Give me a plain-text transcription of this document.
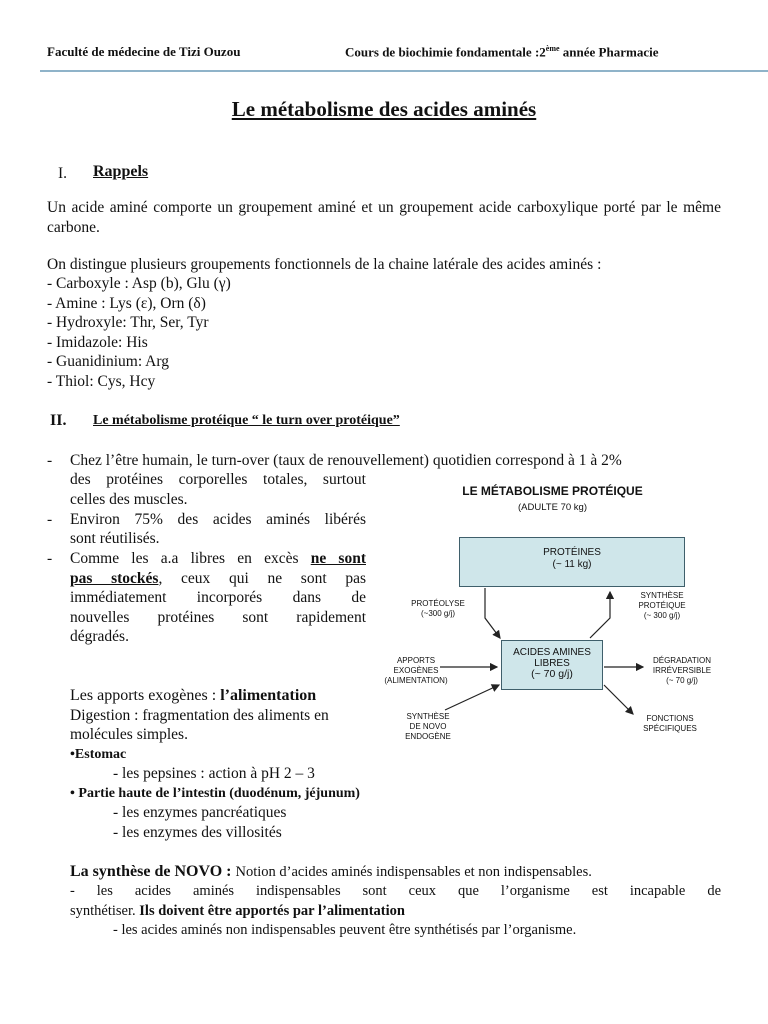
Faculté de médecine de Tizi Ouzou	Cours de biochimie fondamentale :2ème année Pharmacie
Le métabolisme des acides aminés
I. Rappels
Un acide aminé comporte un groupement aminé et un groupement acide carboxylique porté par le même carbone.
On distingue plusieurs groupements fonctionnels de la chaine latérale des acides aminés :
- Carboxyle : Asp (b), Glu (γ)
- Amine : Lys (ε), Orn (δ)
- Hydroxyle: Thr, Ser, Tyr
- Imidazole: His
- Guanidinium: Arg
- Thiol: Cys, Hcy
II. Le métabolisme protéique “ le turn over protéique”
- Chez l’être humain, le turn-over (taux de renouvellement) quotidien correspond à 1 à 2%
des protéines corporelles totales, surtout
celles des muscles.
- Environ 75% des acides aminés libérés
sont réutilisés.
- Comme les a.a libres en excès ne sont
pas stockés, ceux qui ne sont pas
immédiatement incorporés dans de
nouvelles protéines sont rapidement
dégradés.
Les apports exogènes : l’alimentation
Digestion : fragmentation des aliments en
molécules simples.
•Estomac
- les pepsines : action à pH 2 – 3
• Partie haute de l’intestin (duodénum, jéjunum)
- les enzymes pancréatiques
- les enzymes des villosités
La synthèse de NOVO : Notion d’acides aminés indispensables et non indispensables.
- les acides aminés indispensables sont ceux que l’organisme est incapable de
synthétiser. Ils doivent être apportés par l’alimentation
- les acides aminés non indispensables peuvent être synthétisés par l’organisme.
LE MÉTABOLISME PROTÉIQUE
(ADULTE 70 kg)
PROTÉINES
(~ 11 kg)
ACIDES AMINES
LIBRES
(~ 70 g/j)
PROTÉOLYSE
(~300 g/j)
SYNTHÈSE
PROTÉIQUE
(~ 300 g/j)
APPORTS
EXOGÈNES
(ALIMENTATION)
DÉGRADATION
IRRÉVERSIBLE
(~ 70 g/j)
SYNTHÈSE
DE NOVO
ENDOGÈNE
FONCTIONS
SPÉCIFIQUES
